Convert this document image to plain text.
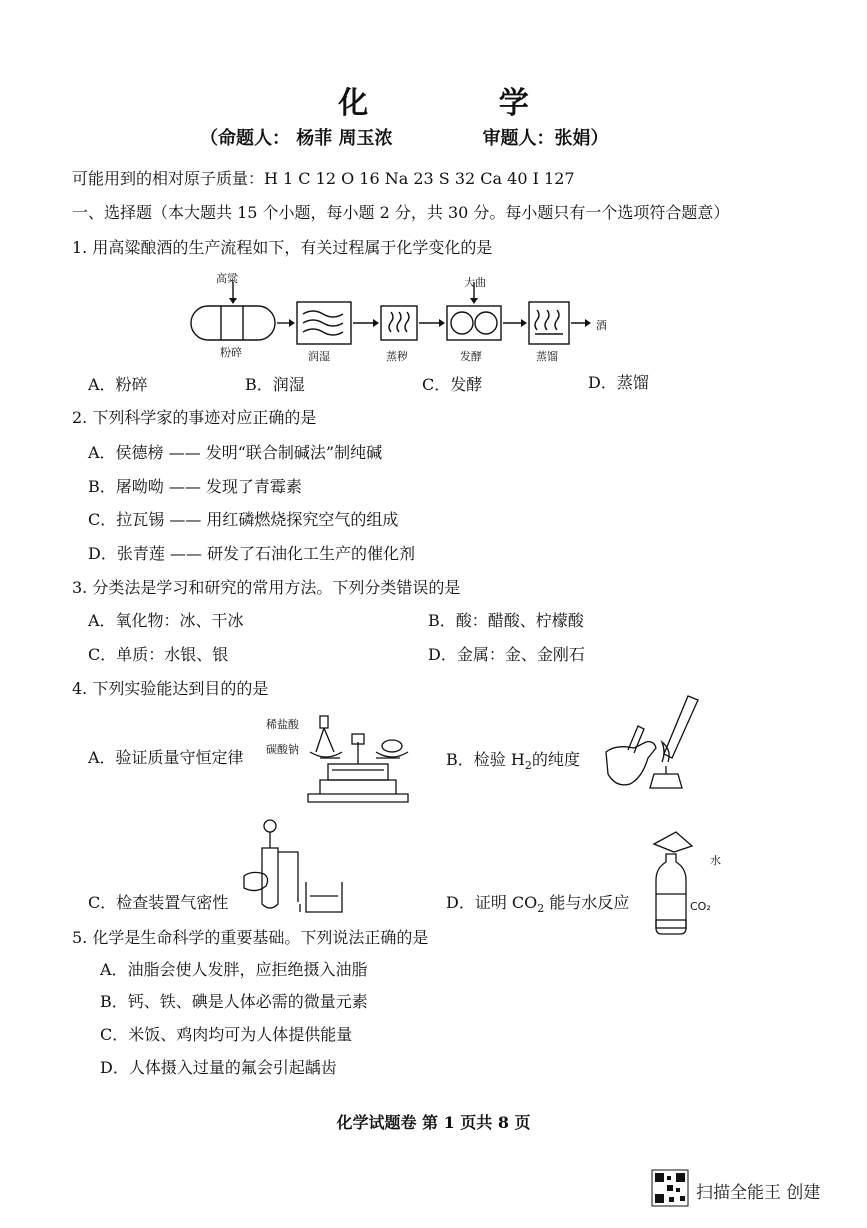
化 学
（命题人： 杨菲 周玉浓	审题人：张娟）
可能用到的相对原子质量：H 1 C 12 O 16 Na 23 S 32 Ca 40 I 127
一、选择题（本大题共 15 个小题，每小题 2 分，共 30 分。每小题只有一个选项符合题意）
1. 用高粱酿酒的生产流程如下，有关过程属于化学变化的是
高粱	大曲
酒
粉碎	润湿	蒸秽	发酵	蒸馏
A．粉碎	B．润湿	C．发酵	D．蒸馏
2. 下列科学家的事迹对应正确的是
A．侯德榜 —— 发明“联合制碱法”制纯碱
B．屠呦呦 —— 发现了青霉素
C．拉瓦锡 —— 用红磷燃烧探究空气的组成
D．张青莲 —— 研发了石油化工生产的催化剂
3. 分类法是学习和研究的常用方法。下列分类错误的是
A．氧化物：冰、干冰	B．酸：醋酸、柠檬酸
C．单质：水银、银	D．金属：金、金刚石
4. 下列实验能达到目的的是
稀盐酸
碳酸钠
A．验证质量守恒定律	B．检验 $H_2$的纯度
C．检查装置气密性	D．证明 $CO_2$ 能与水反应
水
CO₂
5. 化学是生命科学的重要基础。下列说法正确的是
A．油脂会使人发胖，应拒绝摄入油脂
B．钙、铁、碘是人体必需的微量元素
C．米饭、鸡肉均可为人体提供能量
D．人体摄入过量的氟会引起龋齿
化学试题卷 第 1 页共 8 页
扫描全能王 创建
